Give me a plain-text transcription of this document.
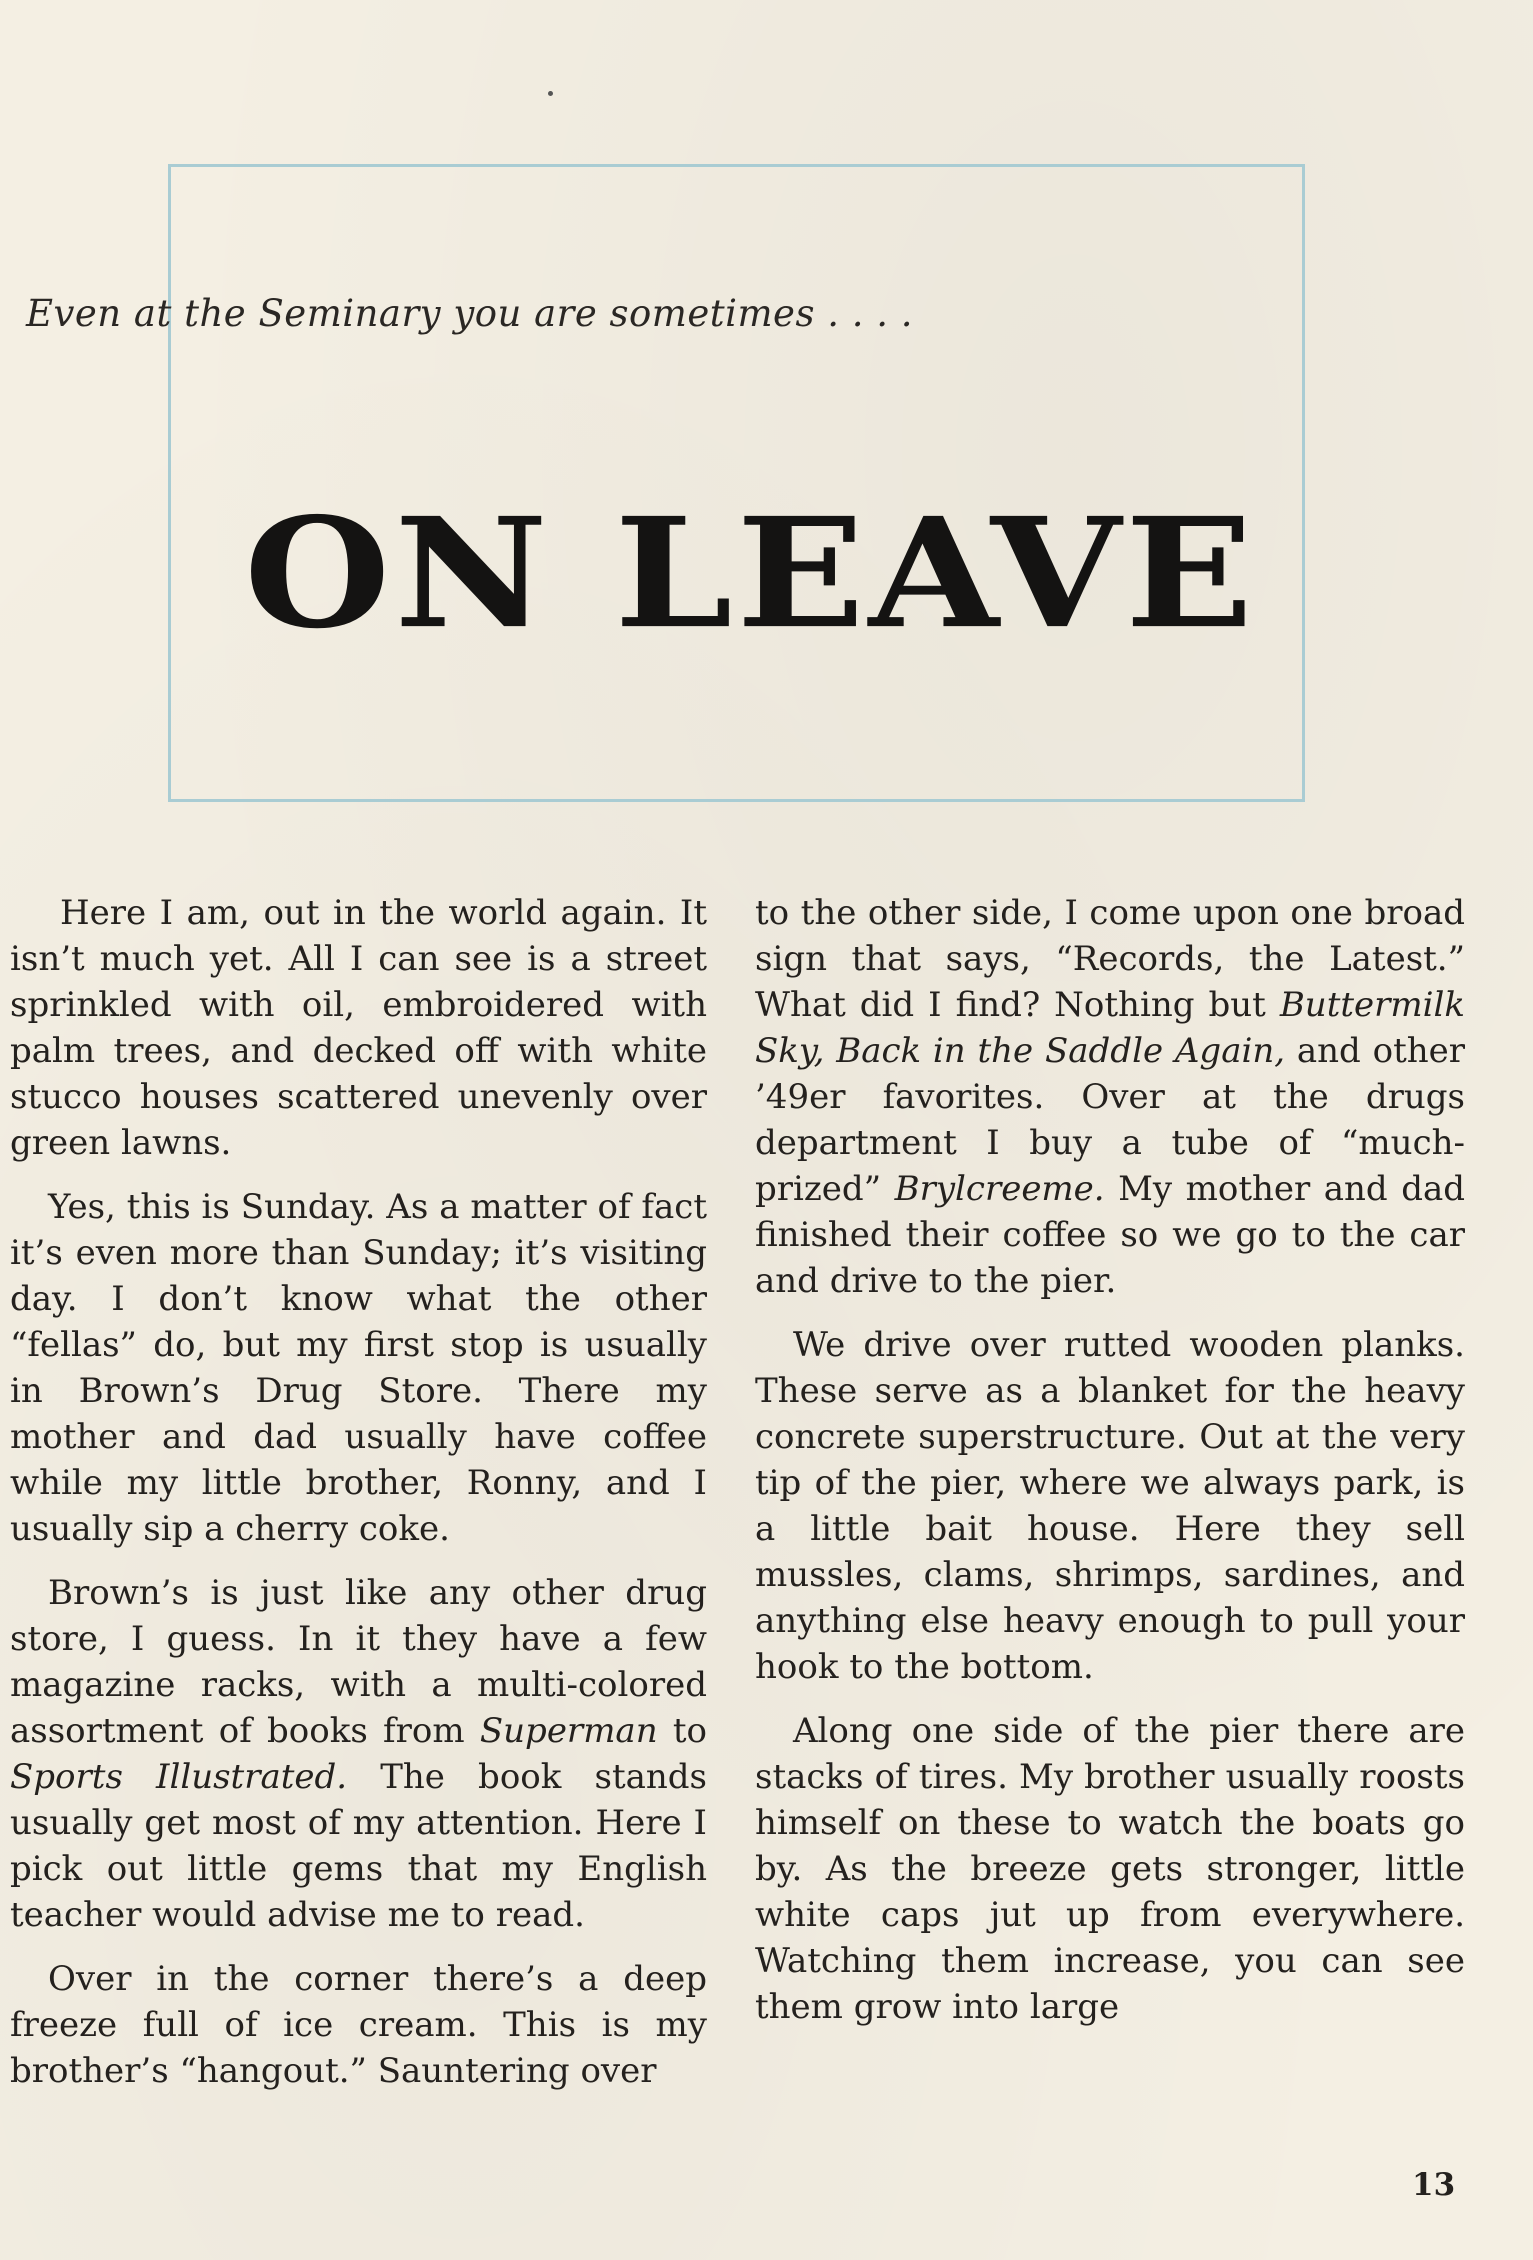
Even at the Seminary you are sometimes . . . .
ON LEAVE

Here I am, out in the world again. It isn’t much yet. All I can see is a street sprinkled with oil, embroidered with palm trees, and decked off with white stucco houses scattered unevenly over green lawns.

Yes, this is Sunday. As a matter of fact it’s even more than Sunday; it’s visiting day. I don’t know what the other “fellas” do, but my first stop is usually in Brown’s Drug Store. There my mother and dad usually have coffee while my little brother, Ronny, and I usually sip a cherry coke.

Brown’s is just like any other drug store, I guess. In it they have a few magazine racks, with a multi-colored assortment of books from Superman to Sports Illustrated. The book stands usually get most of my attention. Here I pick out little gems that my English teacher would advise me to read.

Over in the corner there’s a deep freeze full of ice cream. This is my brother’s “hangout.” Sauntering over

to the other side, I come upon one broad sign that says, “Records, the Latest.” What did I find? Nothing but Buttermilk Sky, Back in the Saddle Again, and other ’49er favorites. Over at the drugs department I buy a tube of “much-prized” Brylcreeme. My mother and dad finished their coffee so we go to the car and drive to the pier.

We drive over rutted wooden planks. These serve as a blanket for the heavy concrete superstructure. Out at the very tip of the pier, where we always park, is a little bait house. Here they sell mussles, clams, shrimps, sardines, and anything else heavy enough to pull your hook to the bottom.

Along one side of the pier there are stacks of tires. My brother usually roosts himself on these to watch the boats go by. As the breeze gets stronger, little white caps jut up from everywhere. Watching them increase, you can see them grow into large

13
